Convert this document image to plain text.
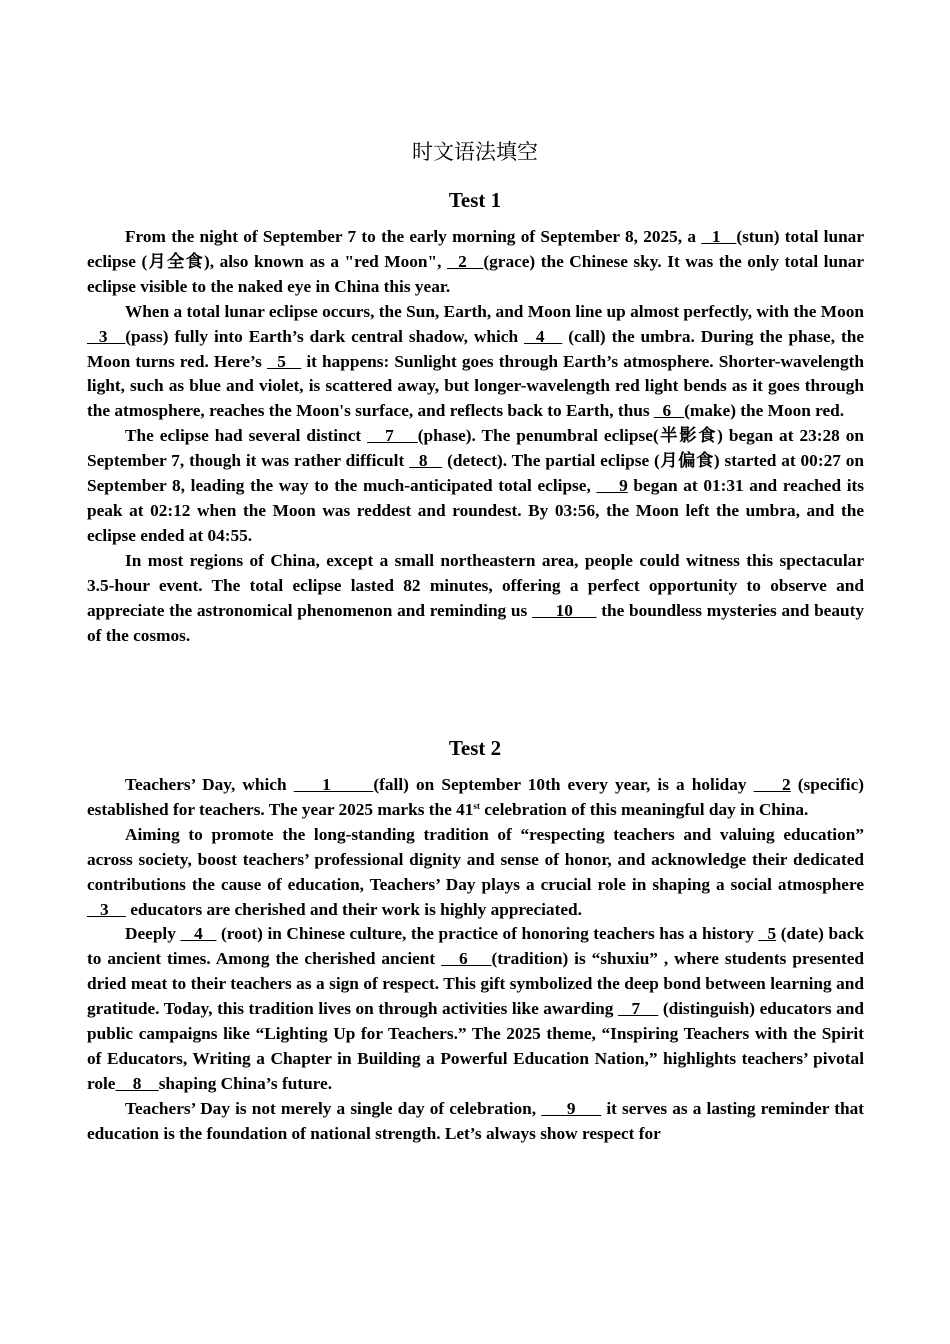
时文语法填空
Test 1

From the night of September 7 to the early morning of September 8, 2025, a   1   (stun) total lunar eclipse (月全食), also known as a "red Moon",   2   (grace) the Chinese sky. It was the only total lunar eclipse visible to the naked eye in China this year.

When a total lunar eclipse occurs, the Sun, Earth, and Moon line up almost perfectly, with the Moon   3   (pass) fully into Earth’s dark central shadow, which   4    (call) the umbra. During the phase, the Moon turns red. Here’s   5    it happens: Sunlight goes through Earth’s atmosphere. Shorter-wavelength light, such as blue and violet, is scattered away, but longer-wavelength red light bends as it goes through the atmosphere, reaches the Moon's surface, and reflects back to Earth, thus   6   (make) the Moon red.

The eclipse had several distinct    7    (phase). The penumbral eclipse(半影食) began at 23:28 on September 7, though it was rather difficult   8    (detect). The partial eclipse (月偏食) started at 00:27 on September 8, leading the way to the much-anticipated total eclipse,     9 began at 01:31 and reached its peak at 02:12 when the Moon was reddest and roundest. By 03:56, the Moon left the umbra, and the eclipse ended at 04:55.

In most regions of China, except a small northeastern area, people could witness this spectacular 3.5-hour event. The total eclipse lasted 82 minutes, offering a perfect opportunity to observe and appreciate the astronomical phenomenon and reminding us      10      the boundless mysteries and beauty of the cosmos.

Test 2

Teachers’ Day, which     1      (fall) on September 10th every year, is a holiday     2 (specific) established for teachers. The year 2025 marks the 41st celebration of this meaningful day in China.

Aiming to promote the long-standing tradition of “respecting teachers and valuing education” across society, boost teachers’ professional dignity and sense of honor, and acknowledge their dedicated contributions the cause of education, Teachers’ Day plays a crucial role in shaping a social atmosphere    3     educators are cherished and their work is highly appreciated.

Deeply    4    (root) in Chinese culture, the practice of honoring teachers has a history   5 (date) back to ancient times. Among the cherished ancient    6    (tradition) is “shuxiu” , where students presented dried meat to their teachers as a sign of respect. This gift symbolized the deep bond between learning and gratitude. Today, this tradition lives on through activities like awarding    7     (distinguish) educators and public campaigns like “Lighting Up for Teachers.” The 2025 theme, “Inspiring Teachers with the Spirit of Educators, Writing a Chapter in Building a Powerful Education Nation,” highlights teachers’ pivotal role    8    shaping China’s future.

Teachers’ Day is not merely a single day of celebration,      9      it serves as a lasting reminder that education is the foundation of national strength. Let’s always show respect for
